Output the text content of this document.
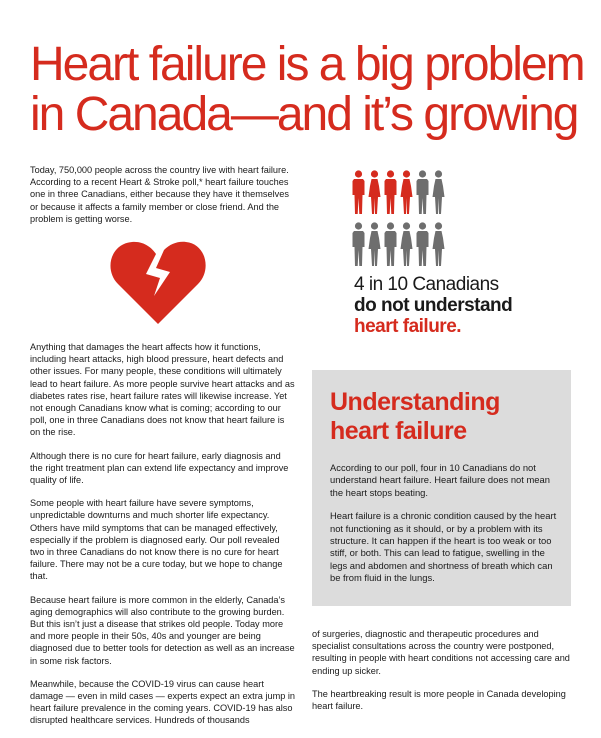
Heart failure is a big problem
in Canada—and it’s growing

Today, 750,000 people across the country live with heart failure. According to a recent Heart & Stroke poll,* heart failure touches one in three Canadians, either because they have it themselves or because it affects a family member or close friend. And the problem is getting worse.

Anything that damages the heart affects how it functions, including heart attacks, high blood pressure, heart defects and other issues. For many people, these conditions will ultimately lead to heart failure. As more people survive heart attacks and as diabetes rates rise, heart failure rates will likewise increase. Yet not enough Canadians know what is coming; according to our poll, one in three Canadians does not know that heart failure is on the rise.

Although there is no cure for heart failure, early diagnosis and the right treatment plan can extend life expectancy and improve quality of life.

Some people with heart failure have severe symptoms, unpredictable downturns and much shorter life expectancy. Others have mild symptoms that can be managed effectively, especially if the problem is diagnosed early. Our poll revealed two in three Canadians do not know there is no cure for heart failure. There may not be a cure today, but we hope to change that.

Because heart failure is more common in the elderly, Canada’s aging demographics will also contribute to the growing burden. But this isn’t just a disease that strikes old people. Today more and more people in their 50s, 40s and younger are being diagnosed due to better tools for detection as well as an increase in some risk factors.

Meanwhile, because the COVID-19 virus can cause heart damage — even in mild cases — experts expect an extra jump in heart failure prevalence in the coming years. COVID-19 has also disrupted healthcare services. Hundreds of thousands

4 in 10 Canadians
do not understand
heart failure.
Understanding
heart failure

According to our poll, four in 10 Canadians do not understand heart failure. Heart failure does not mean the heart stops beating.

Heart failure is a chronic condition caused by the heart not functioning as it should, or by a problem with its structure. It can happen if the heart is too weak or too stiff, or both. This can lead to fatigue, swelling in the legs and abdomen and shortness of breath which can be from fluid in the lungs.

of surgeries, diagnostic and therapeutic procedures and specialist consultations across the country were postponed, resulting in people with heart conditions not accessing care and ending up sicker.

The heartbreaking result is more people in Canada developing heart failure.
